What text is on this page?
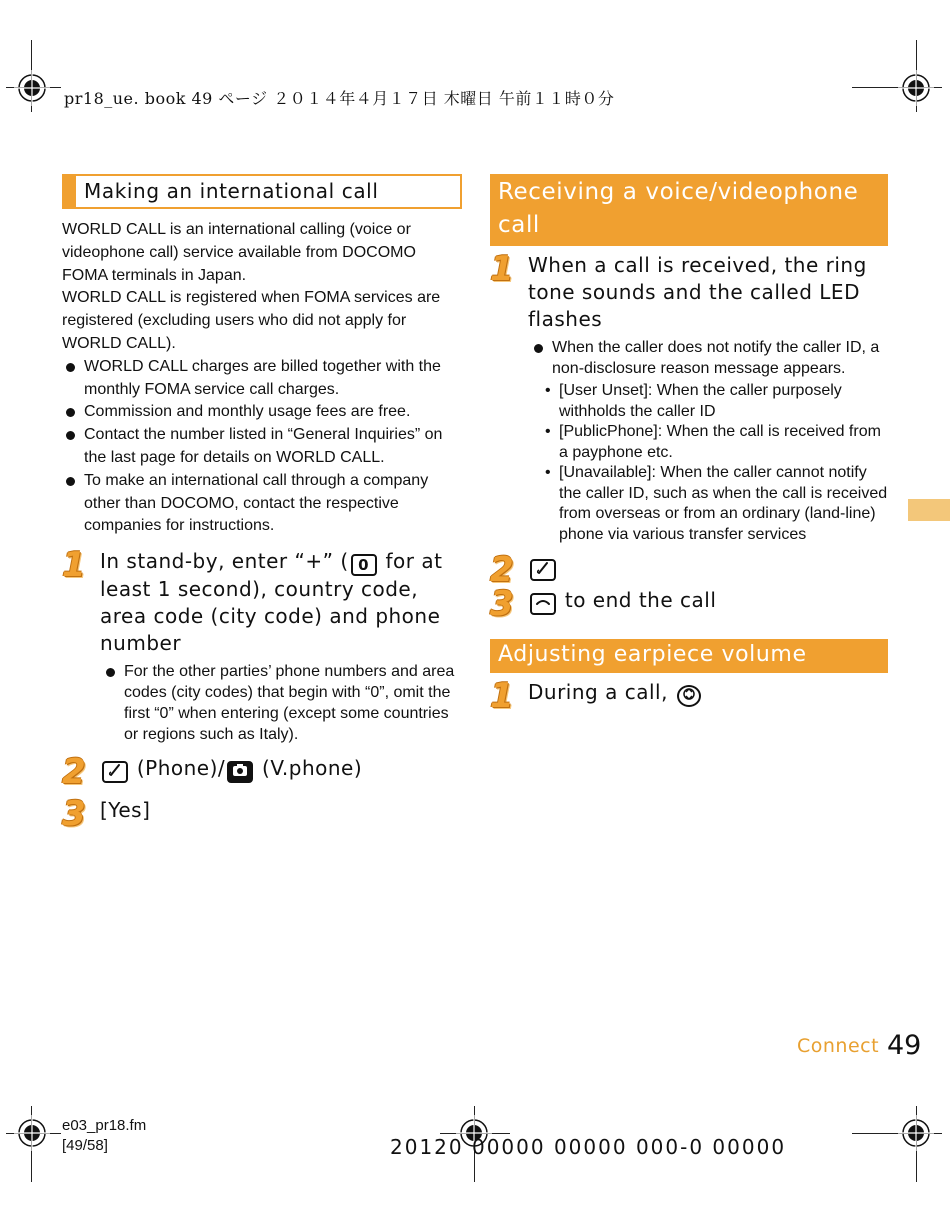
pr18_ue. book 49 ページ ２０１４年４月１７日 木曜日 午前１１時０分
Making an international call

WORLD CALL is an international calling (voice or videophone call) service available from DOCOMO FOMA terminals in Japan.

WORLD CALL is registered when FOMA services are registered (excluding users who did not apply for WORLD CALL).

WORLD CALL charges are billed together with the monthly FOMA service call charges.
Commission and monthly usage fees are free.
Contact the number listed in “General Inquiries” on the last page for details on WORLD CALL.
To make an international call through a company other than DOCOMO, contact the respective companies for instructions.
1 In stand-by, enter “+” ( 0 for at least 1 second), country code, area code (city code) and phone number
For the other parties’ phone numbers and area codes (city codes) that begin with “0”, omit the first “0” when entering (except some countries or regions such as Italy).
2	(Phone)/ (V.phone)
3 [Yes]
Receiving a voice/videophone call
1 When a call is received, the ring tone sounds and the called LED flashes
When the caller does not notify the caller ID, a non-disclosure reason message appears.
• [User Unset]: When the caller purposely withholds the caller ID
• [PublicPhone]: When the call is received from a payphone etc.
• [Unavailable]: When the caller cannot notify the caller ID, such as when the call is received from overseas or from an ordinary (land-line) phone via various transfer services
2
3	to end the call
Adjusting earpiece volume
1 During a call,
Connect 49
e03_pr18.fm
[49/58]	20120 00000 00000 000-0 00000
